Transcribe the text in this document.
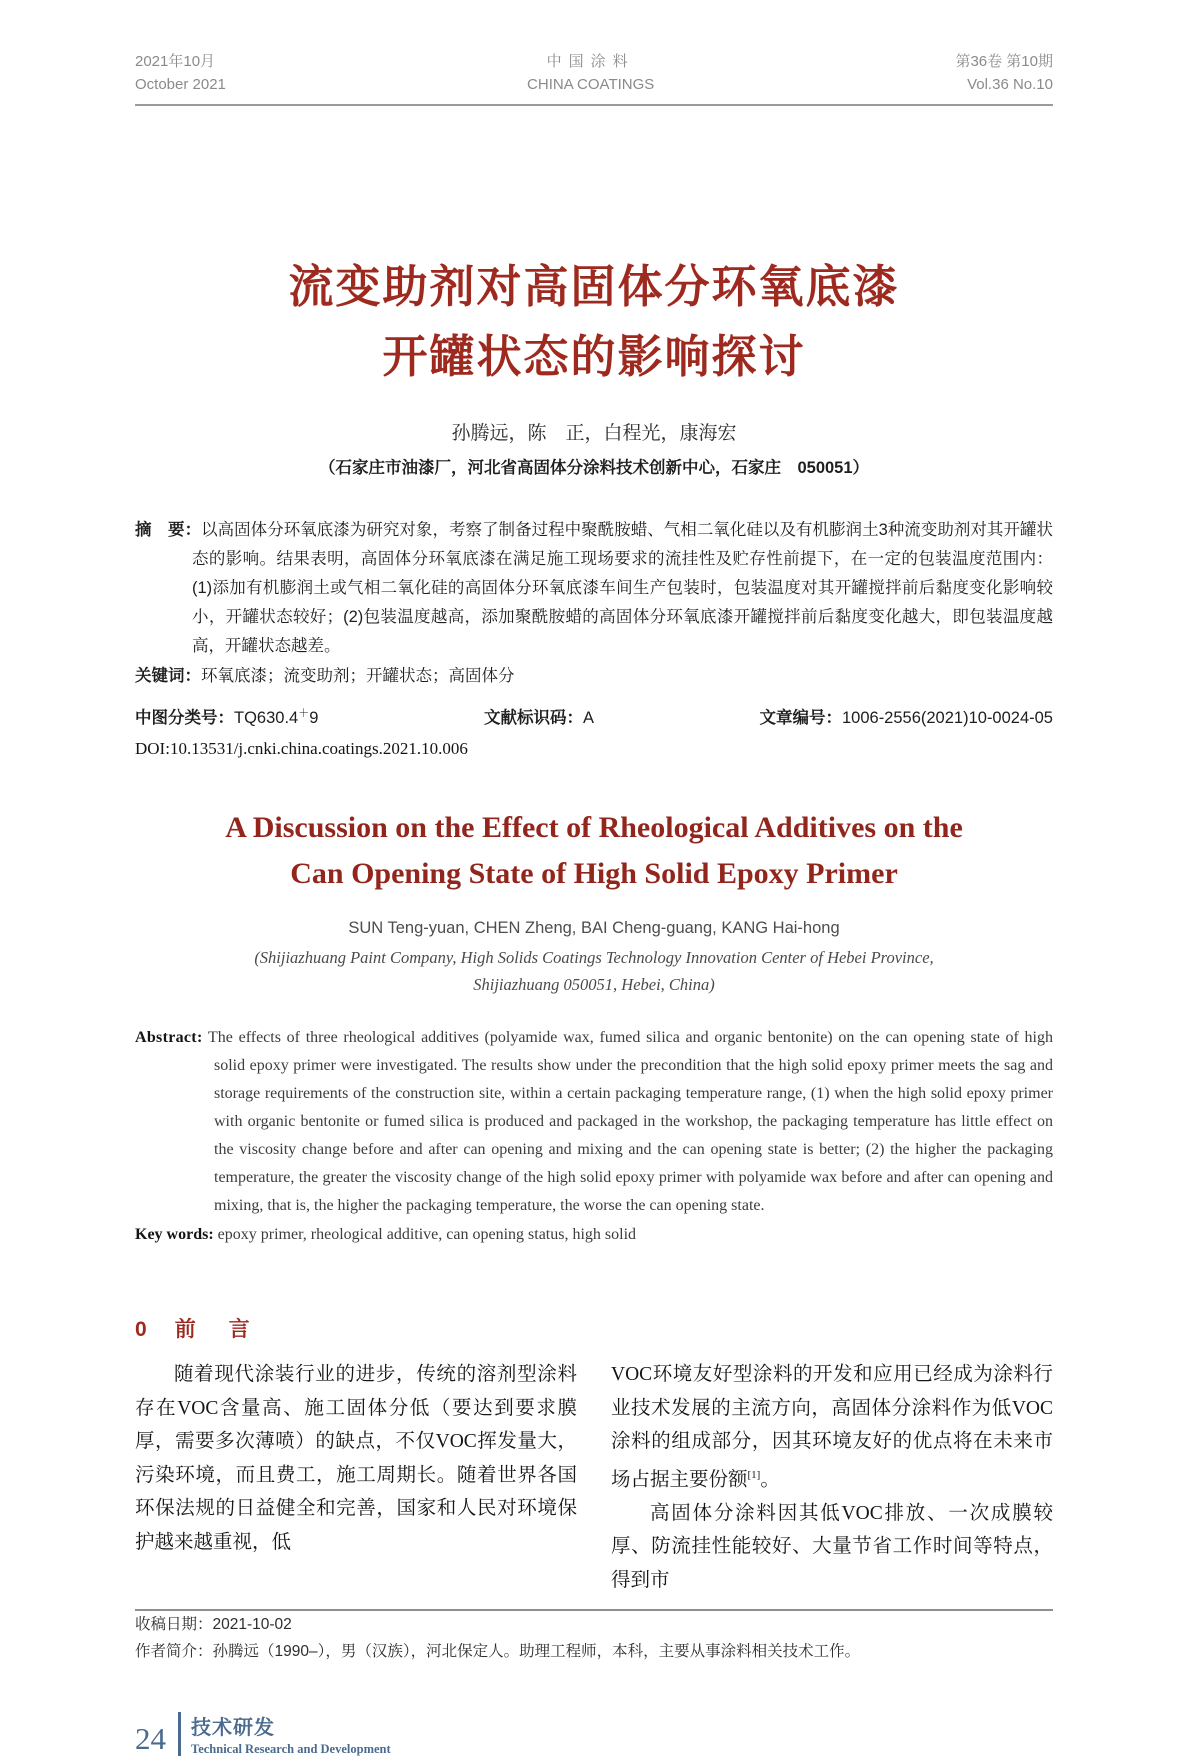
2021年10月
October 2021
中国涂料
CHINA COATINGS
第36卷 第10期
Vol.36 No.10
流变助剂对高固体分环氧底漆
开罐状态的影响探讨
孙腾远，陈　正，白程光，康海宏
（石家庄市油漆厂，河北省高固体分涂料技术创新中心，石家庄　050051）
摘　要：以高固体分环氧底漆为研究对象，考察了制备过程中聚酰胺蜡、气相二氧化硅以及有机膨润土3种流变助剂对其开罐状态的影响。结果表明，高固体分环氧底漆在满足施工现场要求的流挂性及贮存性前提下，在一定的包装温度范围内：(1)添加有机膨润土或气相二氧化硅的高固体分环氧底漆车间生产包装时，包装温度对其开罐搅拌前后黏度变化影响较小，开罐状态较好；(2)包装温度越高，添加聚酰胺蜡的高固体分环氧底漆开罐搅拌前后黏度变化越大，即包装温度越高，开罐状态越差。
关键词：环氧底漆；流变助剂；开罐状态；高固体分
中图分类号：TQ630.4＋9	文献标识码：A	文章编号：1006-2556(2021)10-0024-05
DOI:10.13531/j.cnki.china.coatings.2021.10.006
A Discussion on the Effect of Rheological Additives on the
Can Opening State of High Solid Epoxy Primer
SUN Teng-yuan, CHEN Zheng, BAI Cheng-guang, KANG Hai-hong
(Shijiazhuang Paint Company, High Solids Coatings Technology Innovation Center of Hebei Province,
Shijiazhuang 050051, Hebei, China)
Abstract: The effects of three rheological additives (polyamide wax, fumed silica and organic bentonite) on the can opening state of high solid epoxy primer were investigated. The results show under the precondition that the high solid epoxy primer meets the sag and storage requirements of the construction site, within a certain packaging temperature range, (1) when the high solid epoxy primer with organic bentonite or fumed silica is produced and packaged in the workshop, the packaging temperature has little effect on the viscosity change before and after can opening and mixing and the can opening state is better; (2) the higher the packaging temperature, the greater the viscosity change of the high solid epoxy primer with polyamide wax before and after can opening and mixing, that is, the higher the packaging temperature, the worse the can opening state.
Key words: epoxy primer, rheological additive, can opening status, high solid
0 前　言

随着现代涂装行业的进步，传统的溶剂型涂料存在VOC含量高、施工固体分低（要达到要求膜厚，需要多次薄喷）的缺点，不仅VOC挥发量大，污染环境，而且费工，施工周期长。随着世界各国环保法规的日益健全和完善，国家和人民对环境保护越来越重视，低

VOC环境友好型涂料的开发和应用已经成为涂料行业技术发展的主流方向，高固体分涂料作为低VOC涂料的组成部分，因其环境友好的优点将在未来市场占据主要份额[1]。

高固体分涂料因其低VOC排放、一次成膜较厚、防流挂性能较好、大量节省工作时间等特点，得到市

收稿日期：2021-10-02
作者简介：孙腾远（1990–），男（汉族），河北保定人。助理工程师，本科，主要从事涂料相关技术工作。
24 技术研发
Technical Research and Development
